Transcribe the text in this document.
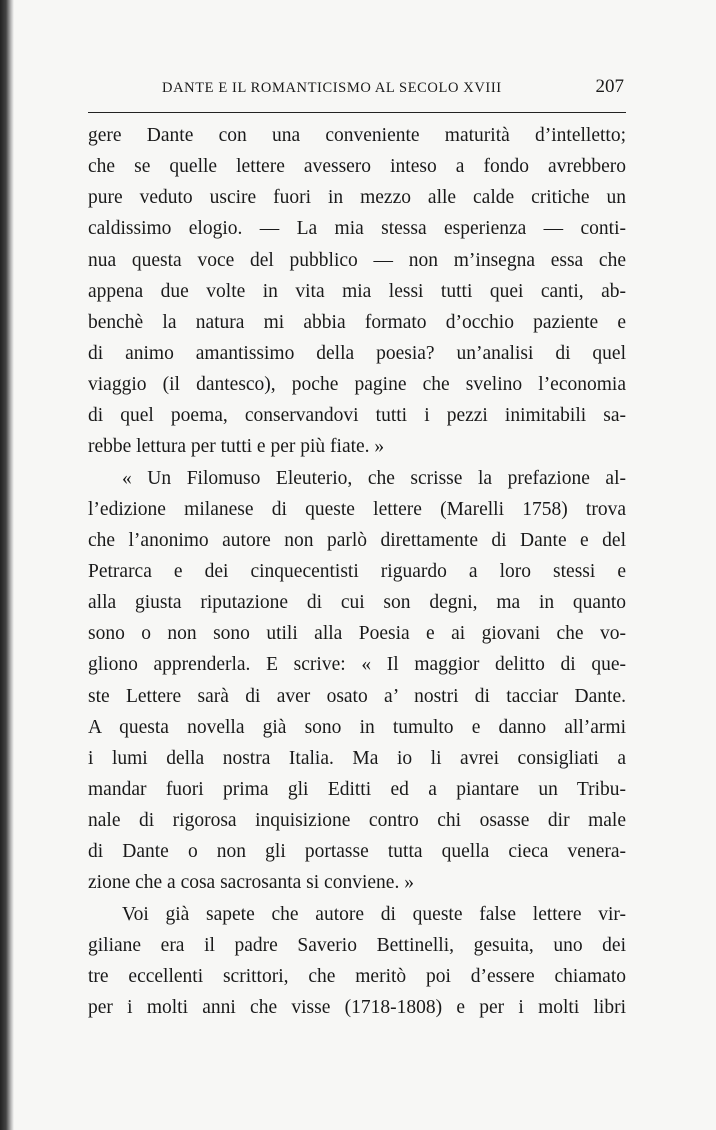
DANTE E IL ROMANTICISMO AL SECOLO XVIII	207
gere Dante con una conveniente maturità d’intelletto;
che se quelle lettere avessero inteso a fondo avrebbero
pure veduto uscire fuori in mezzo alle calde critiche un
caldissimo elogio. — La mia stessa esperienza — conti-
nua questa voce del pubblico — non m’insegna essa che
appena due volte in vita mia lessi tutti quei canti, ab-
benchè la natura mi abbia formato d’occhio paziente e
di animo amantissimo della poesia? un’analisi di quel
viaggio (il dantesco), poche pagine che svelino l’economia
di quel poema, conservandovi tutti i pezzi inimitabili sa-
rebbe lettura per tutti e per più fiate. »
« Un Filomuso Eleuterio, che scrisse la prefazione al-
l’edizione milanese di queste lettere (Marelli 1758) trova
che l’anonimo autore non parlò direttamente di Dante e del
Petrarca e dei cinquecentisti riguardo a loro stessi e
alla giusta riputazione di cui son degni, ma in quanto
sono o non sono utili alla Poesia e ai giovani che vo-
gliono apprenderla. E scrive: « Il maggior delitto di que-
ste Lettere sarà di aver osato a’ nostri di tacciar Dante.
A questa novella già sono in tumulto e danno all’armi
i lumi della nostra Italia. Ma io li avrei consigliati a
mandar fuori prima gli Editti ed a piantare un Tribu-
nale di rigorosa inquisizione contro chi osasse dir male
di Dante o non gli portasse tutta quella cieca venera-
zione che a cosa sacrosanta si conviene. »
Voi già sapete che autore di queste false lettere vir-
giliane era il padre Saverio Bettinelli, gesuita, uno dei
tre eccellenti scrittori, che meritò poi d’essere chiamato
per i molti anni che visse (1718-1808) e per i molti libri
